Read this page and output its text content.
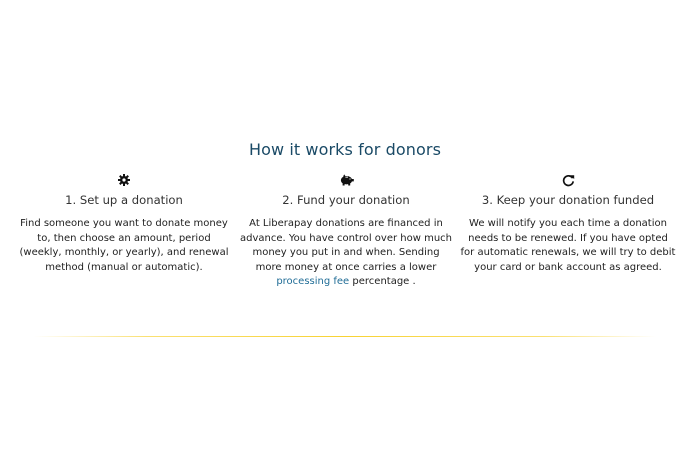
How it works for donors
1. Set up a donation
Find someone you want to donate money to, then choose an amount, period (weekly, monthly, or yearly), and renewal method (manual or automatic).
2. Fund your donation
At Liberapay donations are financed in advance. You have control over how much money you put in and when. Sending more money at once carries a lower processing fee percentage .
3. Keep your donation funded
We will notify you each time a donation needs to be renewed. If you have opted for automatic renewals, we will try to debit your card or bank account as agreed.
